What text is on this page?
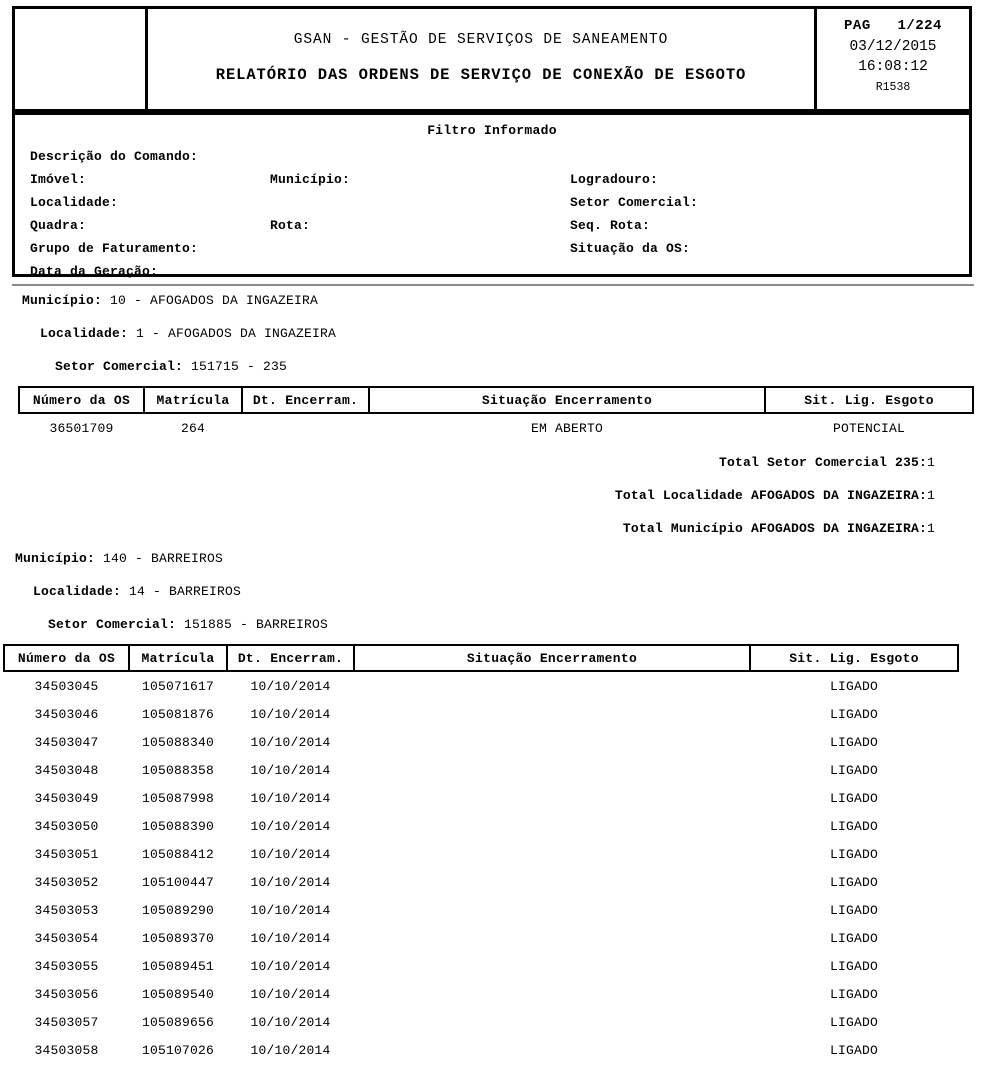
GSAN - GESTÃO DE SERVIÇOS DE SANEAMENTO
RELATÓRIO DAS ORDENS DE SERVIÇO DE CONEXÃO DE ESGOTO
PAG   1/224
03/12/2015
16:08:12
R1538
Filtro Informado
Descrição do Comando:
Imóvel:	Município:	Logradouro:
Localidade:	Setor Comercial:
Quadra:	Rota:	Seq. Rota:
Grupo de Faturamento:	Situação da OS:
Data da Geração:
Município: 10 - AFOGADOS DA INGAZEIRA
Localidade: 1 - AFOGADOS DA INGAZEIRA
Setor Comercial: 151715 - 235
Número da OS	Matrícula	Dt. Encerram.	Situação Encerramento	Sit. Lig. Esgoto
36501709	264		EM ABERTO	POTENCIAL
Total Setor Comercial 235:1
Total Localidade AFOGADOS DA INGAZEIRA:1
Total Município AFOGADOS DA INGAZEIRA:1
Município: 140 - BARREIROS
Localidade: 14 - BARREIROS
Setor Comercial: 151885 - BARREIROS
Número da OS	Matrícula	Dt. Encerram.	Situação Encerramento	Sit. Lig. Esgoto
34503045	105071617	10/10/2014		LIGADO
34503046	105081876	10/10/2014		LIGADO
34503047	105088340	10/10/2014		LIGADO
34503048	105088358	10/10/2014		LIGADO
34503049	105087998	10/10/2014		LIGADO
34503050	105088390	10/10/2014		LIGADO
34503051	105088412	10/10/2014		LIGADO
34503052	105100447	10/10/2014		LIGADO
34503053	105089290	10/10/2014		LIGADO
34503054	105089370	10/10/2014		LIGADO
34503055	105089451	10/10/2014		LIGADO
34503056	105089540	10/10/2014		LIGADO
34503057	105089656	10/10/2014		LIGADO
34503058	105107026	10/10/2014		LIGADO
